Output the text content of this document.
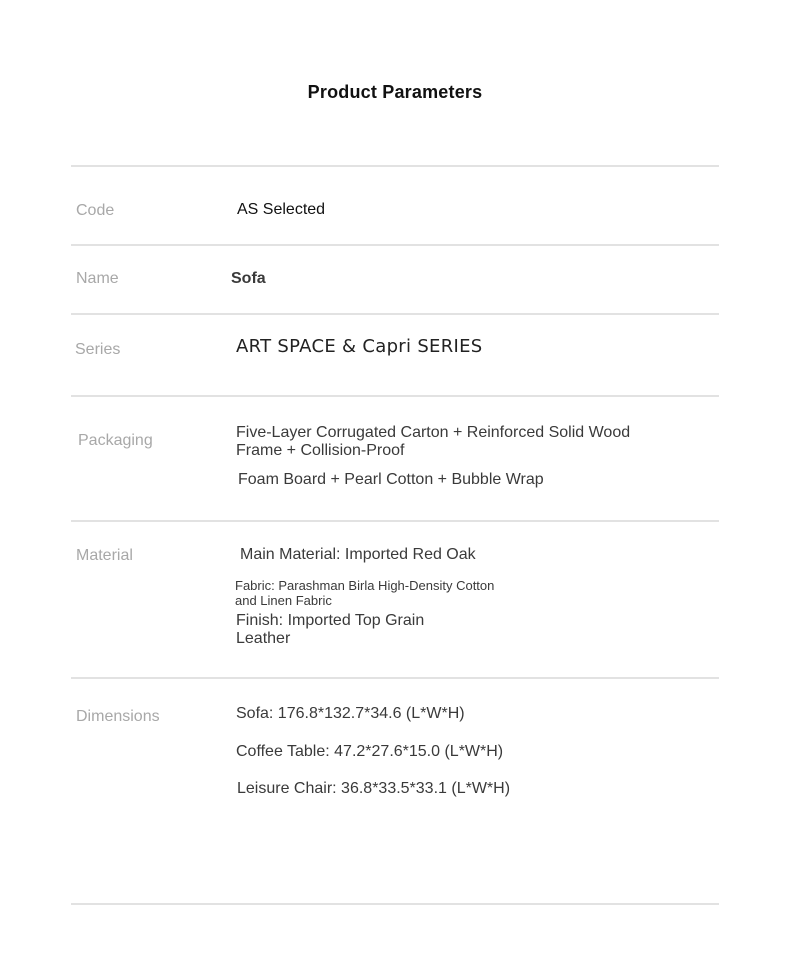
Product Parameters
Code	AS Selected
Name	Sofa
Series	ART SPACE & Capri SERIES
Packaging	Five-Layer Corrugated Carton + Reinforced Solid Wood
Frame + Collision-Proof
Foam Board + Pearl Cotton + Bubble Wrap
Material	Main Material: Imported Red Oak
Fabric: Parashman Birla High-Density Cotton
and Linen Fabric
Finish: Imported Top Grain
Leather
Dimensions	Sofa: 176.8*132.7*34.6 (L*W*H)
Coffee Table: 47.2*27.6*15.0 (L*W*H)
Leisure Chair: 36.8*33.5*33.1 (L*W*H)
